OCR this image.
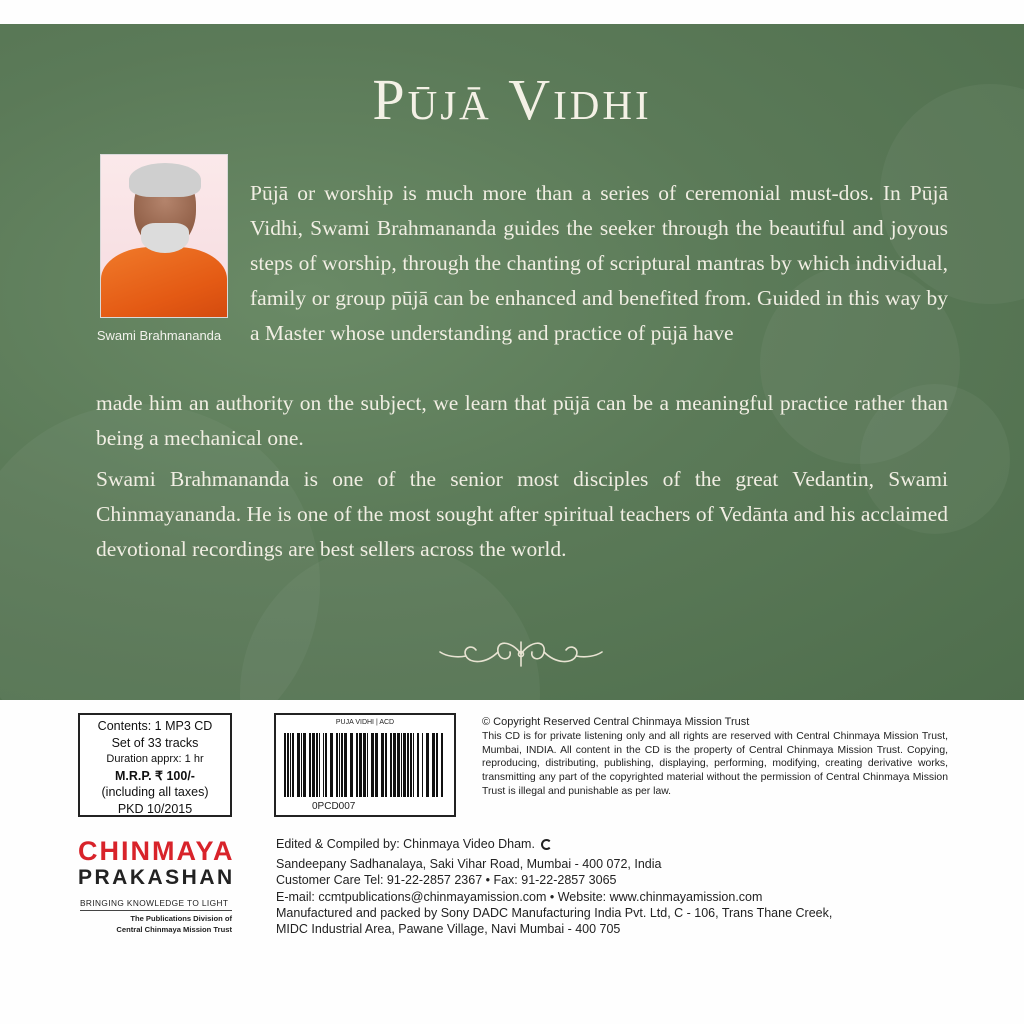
Pūjā Vidhi
Swami Brahmananda
Pūjā or worship is much more than a series of ceremonial must-dos. In Pūjā Vidhi, Swami Brahmananda guides the seeker through the beautiful and joyous steps of worship, through the chanting of scriptural mantras by which individual, family or group pūjā can be enhanced and benefited from. Guided in this way by a Master whose understanding and practice of pūjā have
made him an authority on the subject, we learn that pūjā can be a meaningful practice rather than being a mechanical one.
Swami Brahmananda is one of the senior most disciples of the great Vedantin, Swami Chinmayananda. He is one of the most sought after spiritual teachers of Vedānta and his acclaimed devotional recordings are best sellers across the world.
Contents: 1 MP3 CD
Set of 33 tracks
Duration apprx: 1 hr
M.R.P. ₹ 100/-
(including all taxes)
PKD 10/2015
PUJA VIDHI | ACD
0PCD007
© Copyright Reserved Central Chinmaya Mission Trust
This CD is for private listening only and all rights are reserved with Central Chinmaya Mission Trust, Mumbai, INDIA. All content in the CD is the property of Central Chinmaya Mission Trust. Copying, reproducing, distributing, publishing, displaying, performing, modifying, creating derivative works, transmitting any part of the copyrighted material without the permission of Central Chinmaya Mission Trust is illegal and punishable as per law.
CHINMAYA
PRAKASHAN
BRINGING KNOWLEDGE TO LIGHT
The Publications Division of
Central Chinmaya Mission Trust
Edited & Compiled by: Chinmaya Video Dham.
Sandeepany Sadhanalaya, Saki Vihar Road, Mumbai - 400 072, India
Customer Care Tel: 91-22-2857 2367 • Fax: 91-22-2857 3065
E-mail: ccmtpublications@chinmayamission.com • Website: www.chinmayamission.com
Manufactured and packed by Sony DADC Manufacturing India Pvt. Ltd, C - 106, Trans Thane Creek,
MIDC Industrial Area, Pawane Village, Navi Mumbai - 400 705
